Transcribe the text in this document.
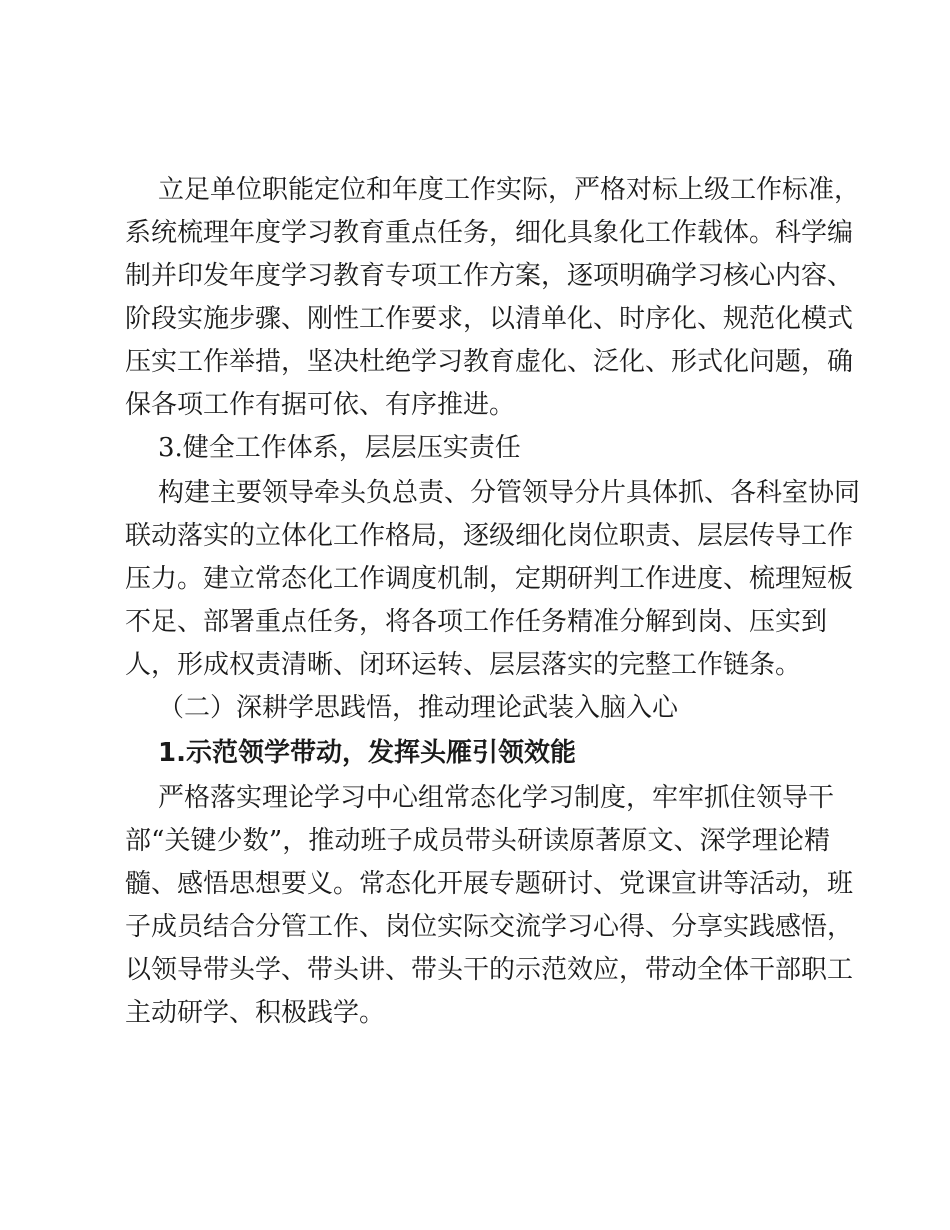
立足单位职能定位和年度工作实际，严格对标上级工作标准，
系统梳理年度学习教育重点任务，细化具象化工作载体。科学编
制并印发年度学习教育专项工作方案，逐项明确学习核心内容、
阶段实施步骤、刚性工作要求，以清单化、时序化、规范化模式
压实工作举措，坚决杜绝学习教育虚化、泛化、形式化问题，确
保各项工作有据可依、有序推进。
3.健全工作体系，层层压实责任
构建主要领导牵头负总责、分管领导分片具体抓、各科室协同
联动落实的立体化工作格局，逐级细化岗位职责、层层传导工作
压力。建立常态化工作调度机制，定期研判工作进度、梳理短板
不足、部署重点任务，将各项工作任务精准分解到岗、压实到
人，形成权责清晰、闭环运转、层层落实的完整工作链条。
（二）深耕学思践悟，推动理论武装入脑入心
1.示范领学带动，发挥头雁引领效能
严格落实理论学习中心组常态化学习制度，牢牢抓住领导干
部“关键少数”，推动班子成员带头研读原著原文、深学理论精
髓、感悟思想要义。常态化开展专题研讨、党课宣讲等活动，班
子成员结合分管工作、岗位实际交流学习心得、分享实践感悟，
以领导带头学、带头讲、带头干的示范效应，带动全体干部职工
主动研学、积极践学。
